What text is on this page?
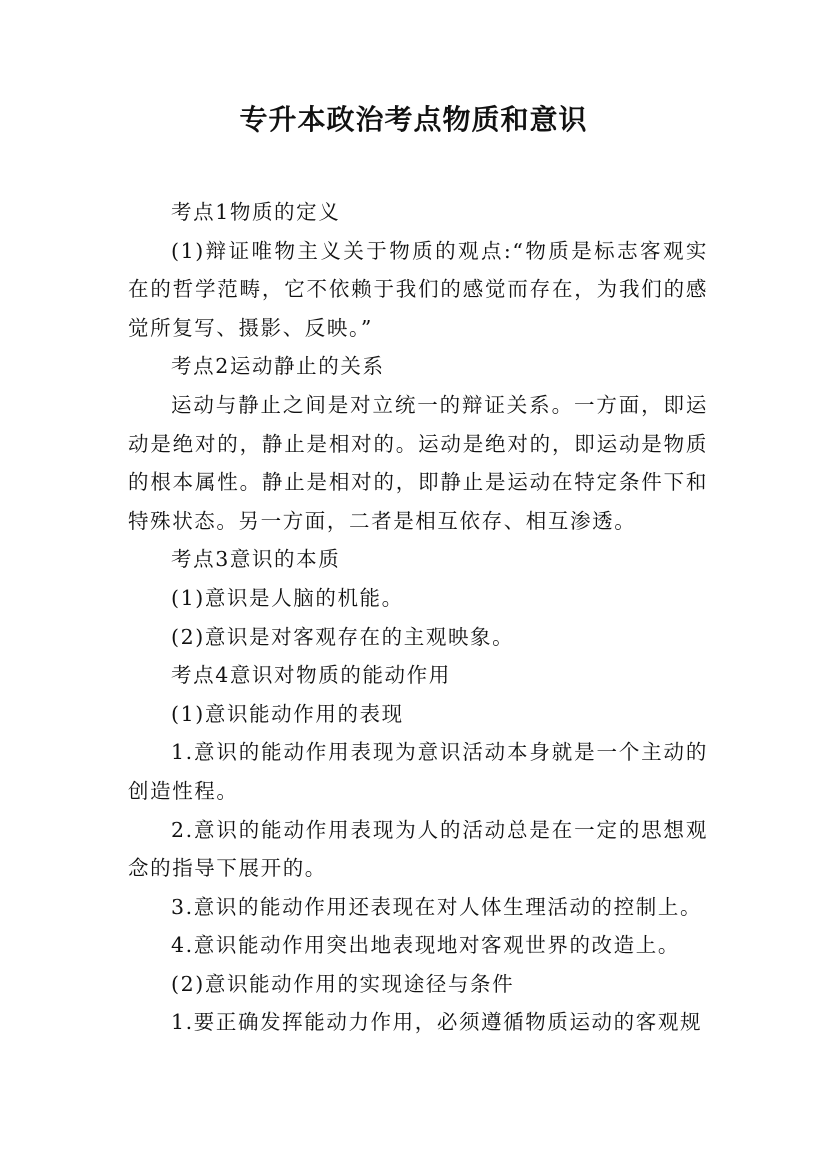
专升本政治考点物质和意识

考点1物质的定义

(1)辩证唯物主义关于物质的观点:“物质是标志客观实在的哲学范畴，它不依赖于我们的感觉而存在，为我们的感觉所复写、摄影、反映。”

考点2运动静止的关系

运动与静止之间是对立统一的辩证关系。一方面，即运动是绝对的，静止是相对的。运动是绝对的，即运动是物质的根本属性。静止是相对的，即静止是运动在特定条件下和特殊状态。另一方面，二者是相互依存、相互渗透。

考点3意识的本质

(1)意识是人脑的机能。

(2)意识是对客观存在的主观映象。

考点4意识对物质的能动作用

(1)意识能动作用的表现

1.意识的能动作用表现为意识活动本身就是一个主动的创造性程。

2.意识的能动作用表现为人的活动总是在一定的思想观念的指导下展开的。

3.意识的能动作用还表现在对人体生理活动的控制上。

4.意识能动作用突出地表现地对客观世界的改造上。

(2)意识能动作用的实现途径与条件

1.要正确发挥能动力作用，必须遵循物质运动的客观规
